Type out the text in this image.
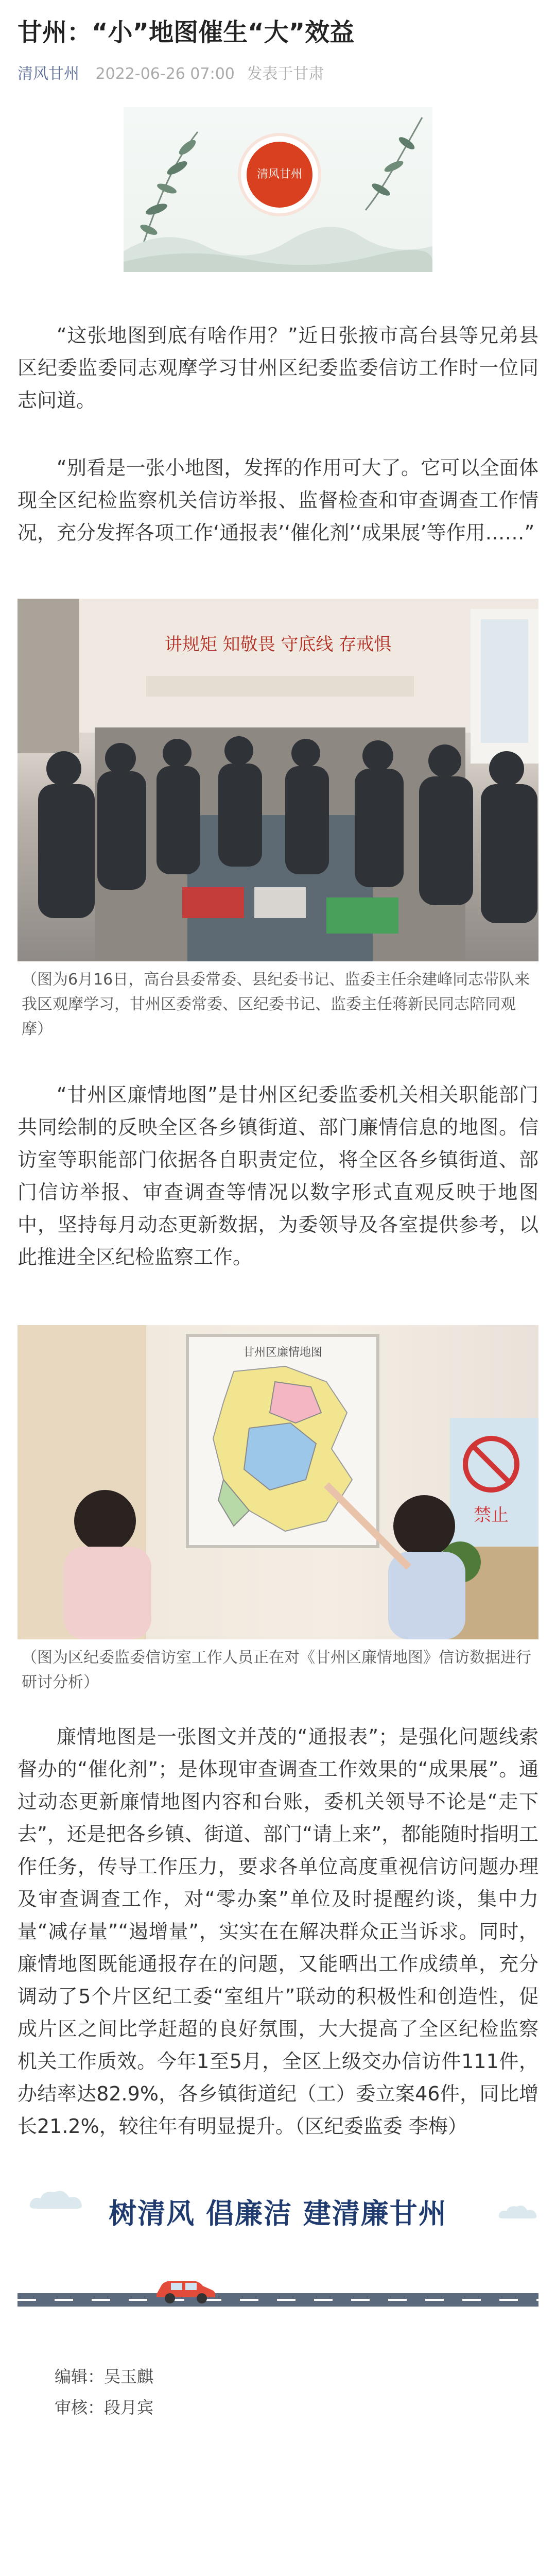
甘州：“小”地图催生“大”效益
清风甘州 2022-06-26 07:00 发表于甘肃
清风甘州

“这张地图到底有啥作用？”近日张掖市高台县等兄弟县区纪委监委同志观摩学习甘州区纪委监委信访工作时一位同志问道。

“别看是一张小地图，发挥的作用可大了。它可以全面体现全区纪检监察机关信访举报、监督检查和审查调查工作情况，充分发挥各项工作‘通报表’‘催化剂’‘成果展’等作用……”

讲规矩 知敬畏 守底线 存戒惧

（图为6月16日，高台县委常委、县纪委书记、监委主任余建峰同志带队来我区观摩学习，甘州区委常委、区纪委书记、监委主任蒋新民同志陪同观摩）

“甘州区廉情地图”是甘州区纪委监委机关相关职能部门共同绘制的反映全区各乡镇街道、部门廉情信息的地图。信访室等职能部门依据各自职责定位，将全区各乡镇街道、部门信访举报、审查调查等情况以数字形式直观反映于地图中，坚持每月动态更新数据，为委领导及各室提供参考，以此推进全区纪检监察工作。

甘州区廉情地图
禁止

（图为区纪委监委信访室工作人员正在对《甘州区廉情地图》信访数据进行研讨分析）

廉情地图是一张图文并茂的“通报表”；是强化问题线索督办的“催化剂”；是体现审查调查工作效果的“成果展”。通过动态更新廉情地图内容和台账，委机关领导不论是“走下去”，还是把各乡镇、街道、部门“请上来”，都能随时指明工作任务，传导工作压力，要求各单位高度重视信访问题办理及审查调查工作，对“零办案”单位及时提醒约谈，集中力量“减存量”“遏增量”，实实在在解决群众正当诉求。同时，廉情地图既能通报存在的问题，又能晒出工作成绩单，充分调动了5个片区纪工委“室组片”联动的积极性和创造性，促成片区之间比学赶超的良好氛围，大大提高了全区纪检监察机关工作质效。今年1至5月，全区上级交办信访件111件，办结率达82.9%，各乡镇街道纪（工）委立案46件，同比增长21.2%，较往年有明显提升。（区纪委监委 李梅）

树清风 倡廉洁 建清廉甘州
编辑：吴玉麒
审核：段月宾
